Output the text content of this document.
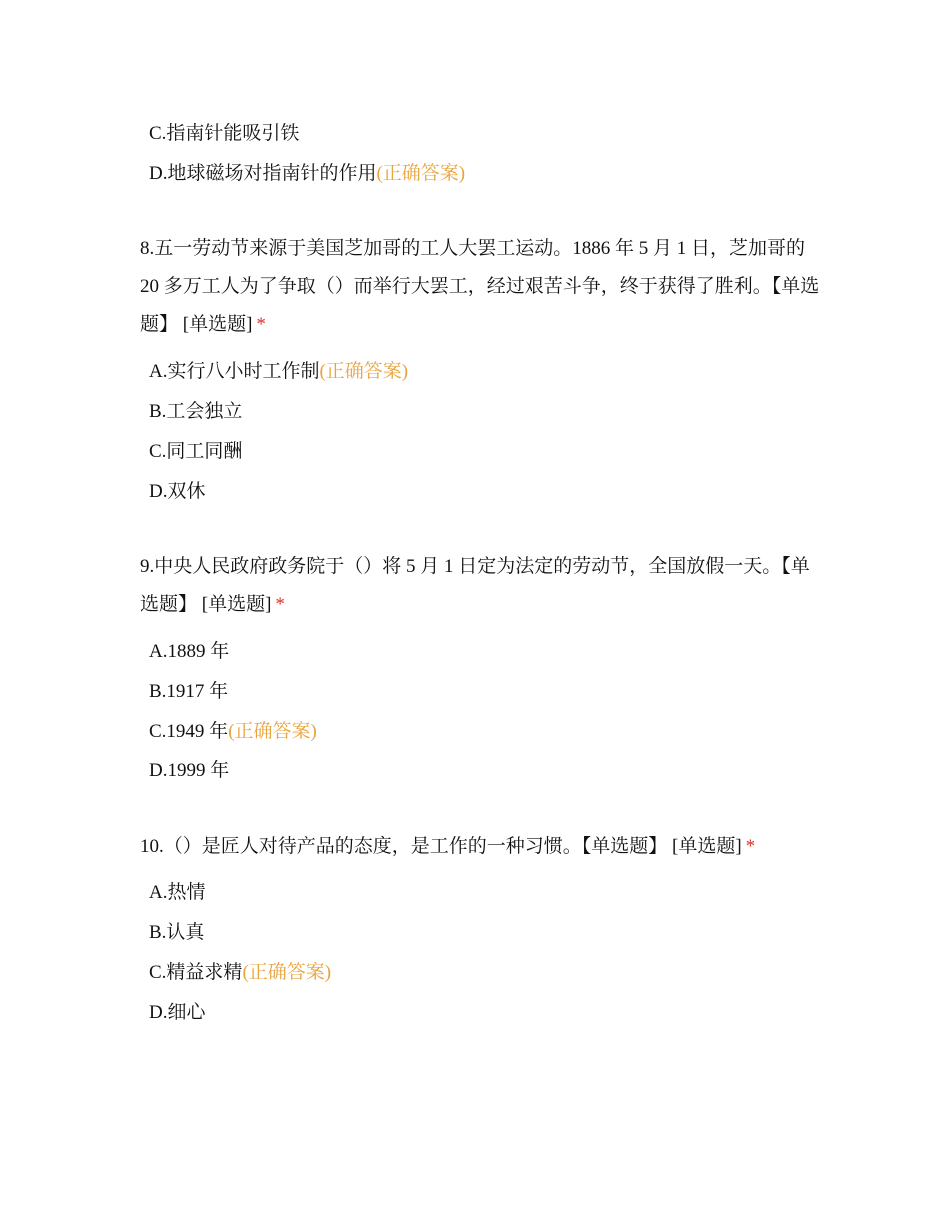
C.指南针能吸引铁
D.地球磁场对指南针的作用(正确答案)
8.五一劳动节来源于美国芝加哥的工人大罢工运动。1886 年 5 月 1 日，芝加哥的 20 多万工人为了争取（）而举行大罢工，经过艰苦斗争，终于获得了胜利。【单选题】 [单选题] *
A.实行八小时工作制(正确答案)
B.工会独立
C.同工同酬
D.双休
9.中央人民政府政务院于（）将 5 月 1 日定为法定的劳动节，全国放假一天。【单选题】 [单选题] *
A.1889 年
B.1917 年
C.1949 年(正确答案)
D.1999 年
10.（）是匠人对待产品的态度，是工作的一种习惯。【单选题】 [单选题] *
A.热情
B.认真
C.精益求精(正确答案)
D.细心
